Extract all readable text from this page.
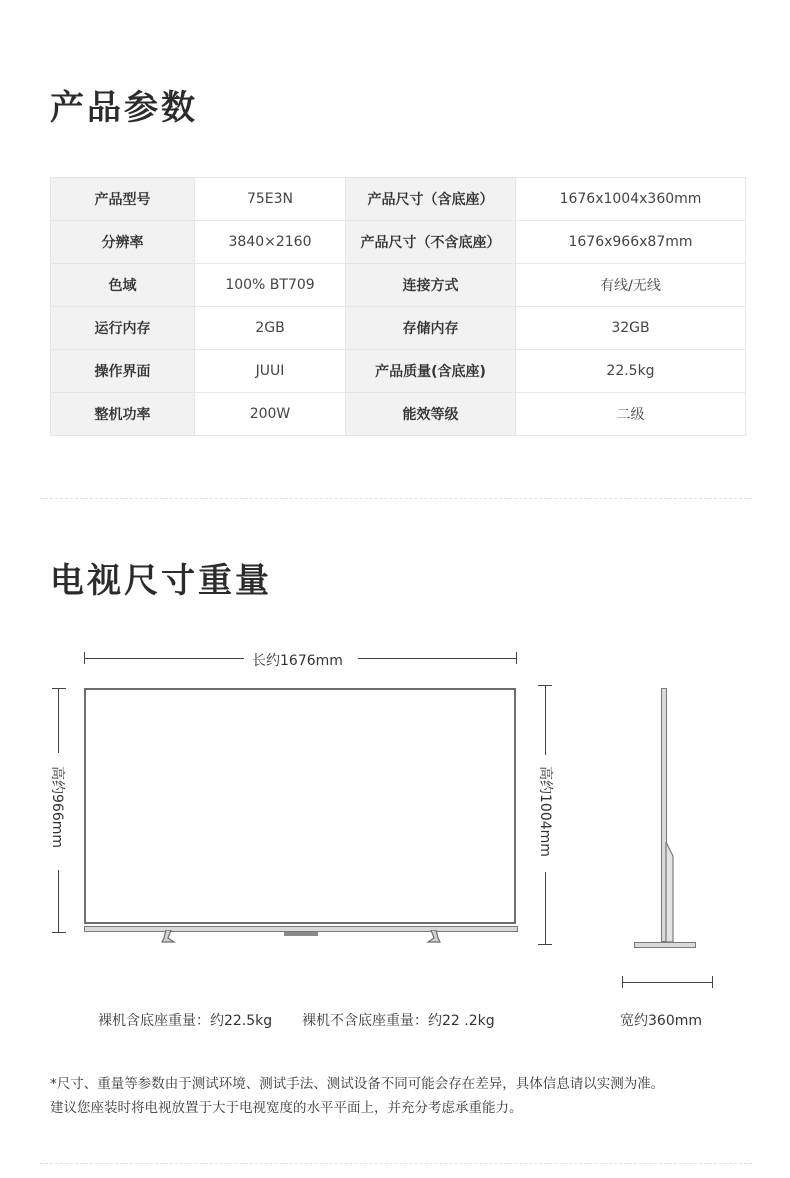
产品参数
产品型号	75E3N	产品尺寸（含底座）	1676x1004x360mm
分辨率	3840×2160	产品尺寸（不含底座）	1676x966x87mm
色域	100% BT709	连接方式	有线/无线
运行内存	2GB	存储内存	32GB
操作界面	JUUI	产品质量(含底座)	22.5kg
整机功率	200W	能效等级	二级
电视尺寸重量
长约1676mm
高约966mm	高约1004mm
裸机含底座重量：约22.5kg 裸机不含底座重量：约22 .2kg	宽约360mm

*尺寸、重量等参数由于测试环境、测试手法、测试设备不同可能会存在差异，具体信息请以实测为准。

建议您座装时将电视放置于大于电视宽度的水平平面上，并充分考虑承重能力。
